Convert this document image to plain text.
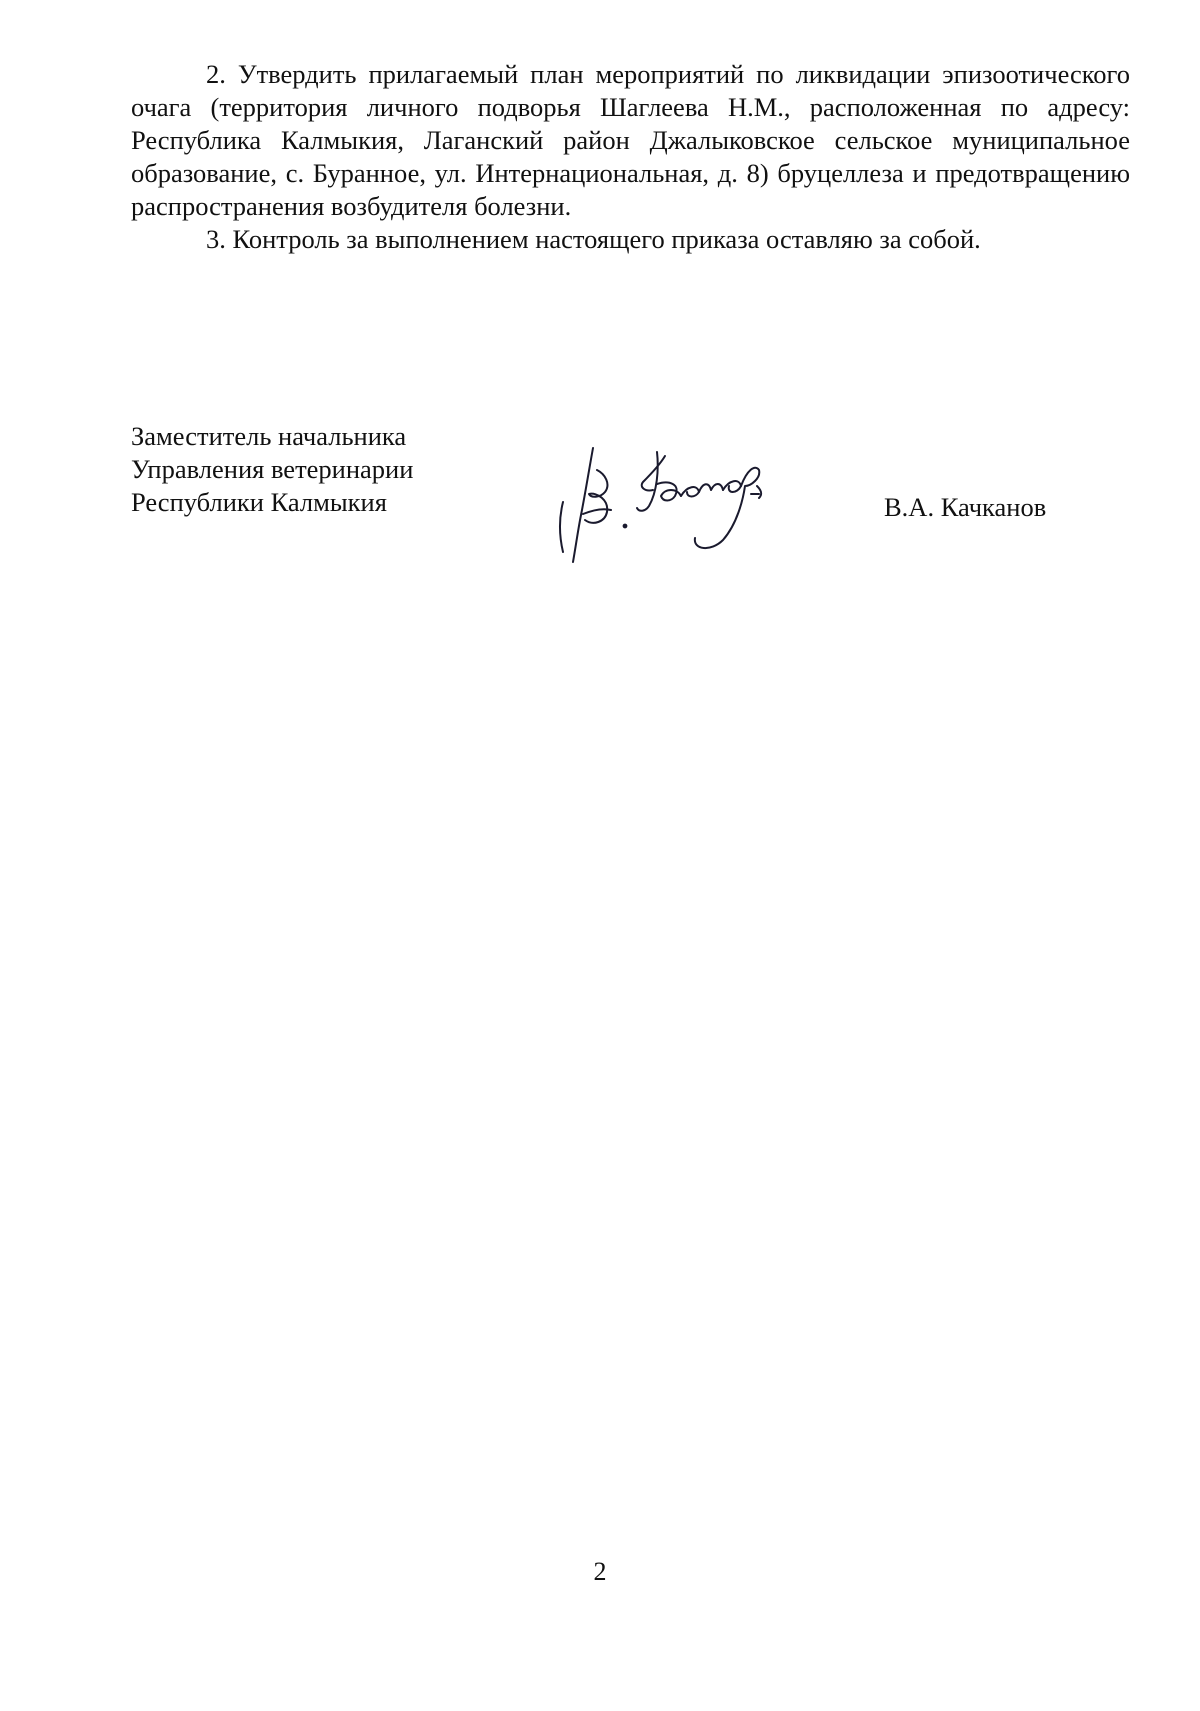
2. Утвердить прилагаемый план мероприятий по ликвидации эпизоотического очага (территория личного подворья Шаглеева Н.М., расположенная по адресу: Республика Калмыкия, Лаганский район Джалыковское сельское муниципальное образование, с. Буранное, ул. Интернациональная, д. 8) бруцеллеза и предотвращению распространения возбудителя болезни.

3. Контроль за выполнением настоящего приказа оставляю за собой.

Заместитель начальника
Управления ветеринарии
Республики Калмыкия	В.А. Качканов
2
